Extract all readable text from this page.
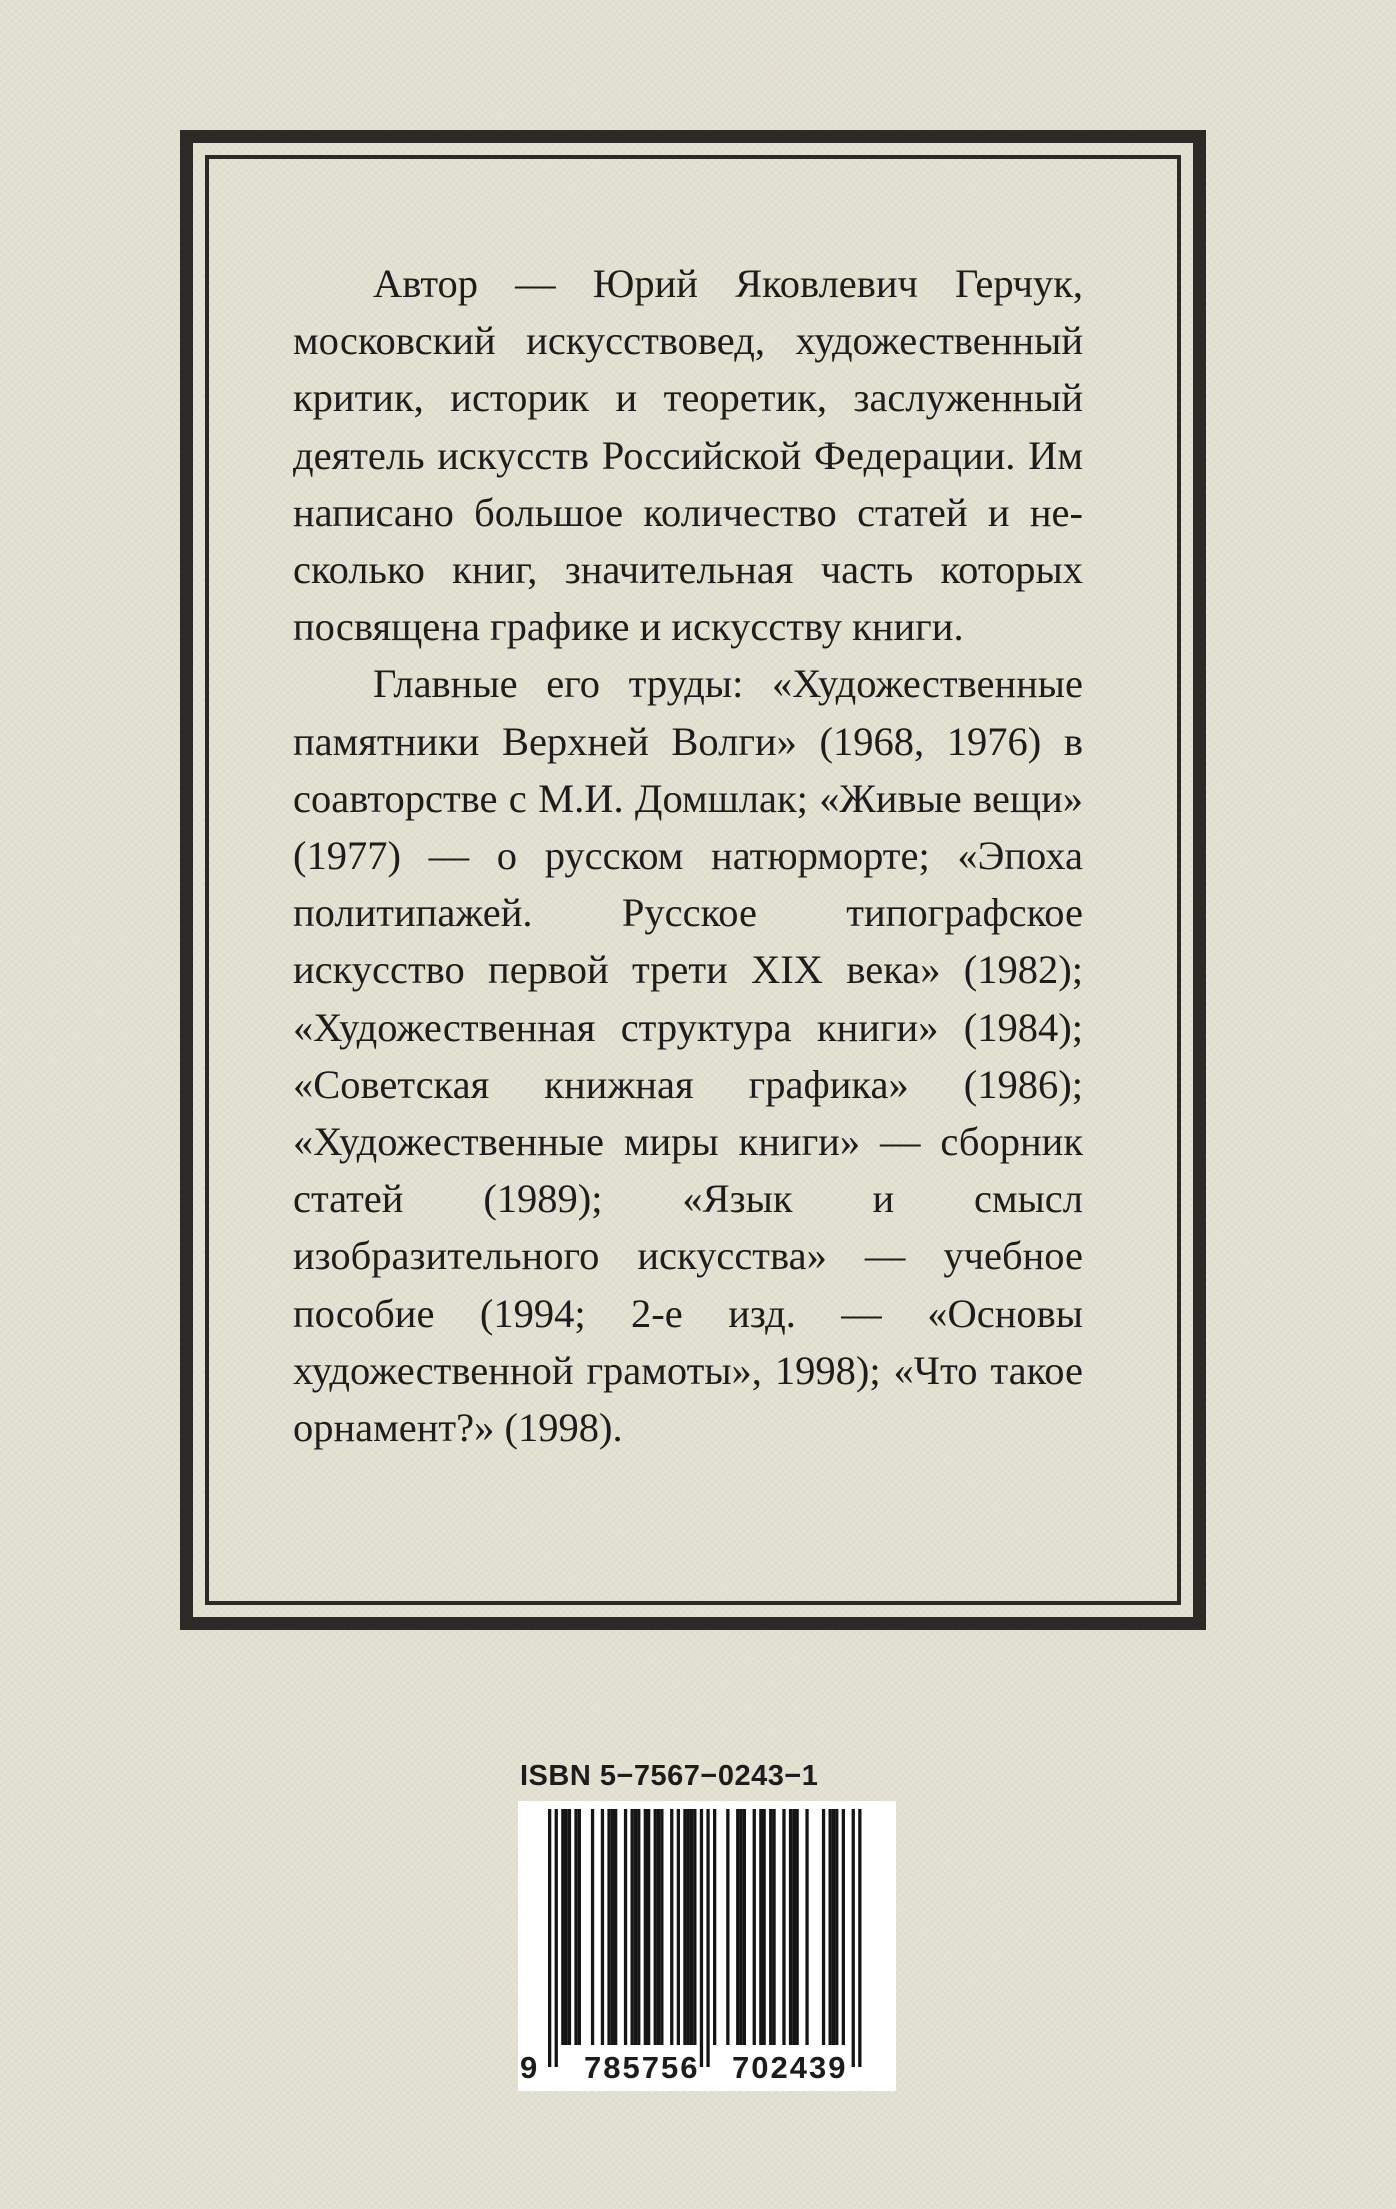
Автор — Юрий Яковлевич Герчук, московский искусствовед, художественный критик, историк и теоретик, заслуженный деятель искусств Российской Федерации. Им написано большое количество статей и несколько книг, значительная часть которых посвящена графике и искусству книги.

Главные его труды: «Художественные памятники Верхней Волги» (1968, 1976) в соавторстве с М.И. Домшлак; «Живые вещи» (1977) — о русском натюрморте; «Эпоха политипажей. Русское типографское искусство первой трети XIX века» (1982); «Художественная структура книги» (1984); «Советская книжная графика» (1986); «Художественные миры книги» — сборник статей (1989); «Язык и смысл изобразительного искусства» — учебное пособие (1994; 2-е изд. — «Основы художественной грамоты», 1998); «Что такое орнамент?» (1998).

ISBN 5−7567−0243−1
9 785756 702439
